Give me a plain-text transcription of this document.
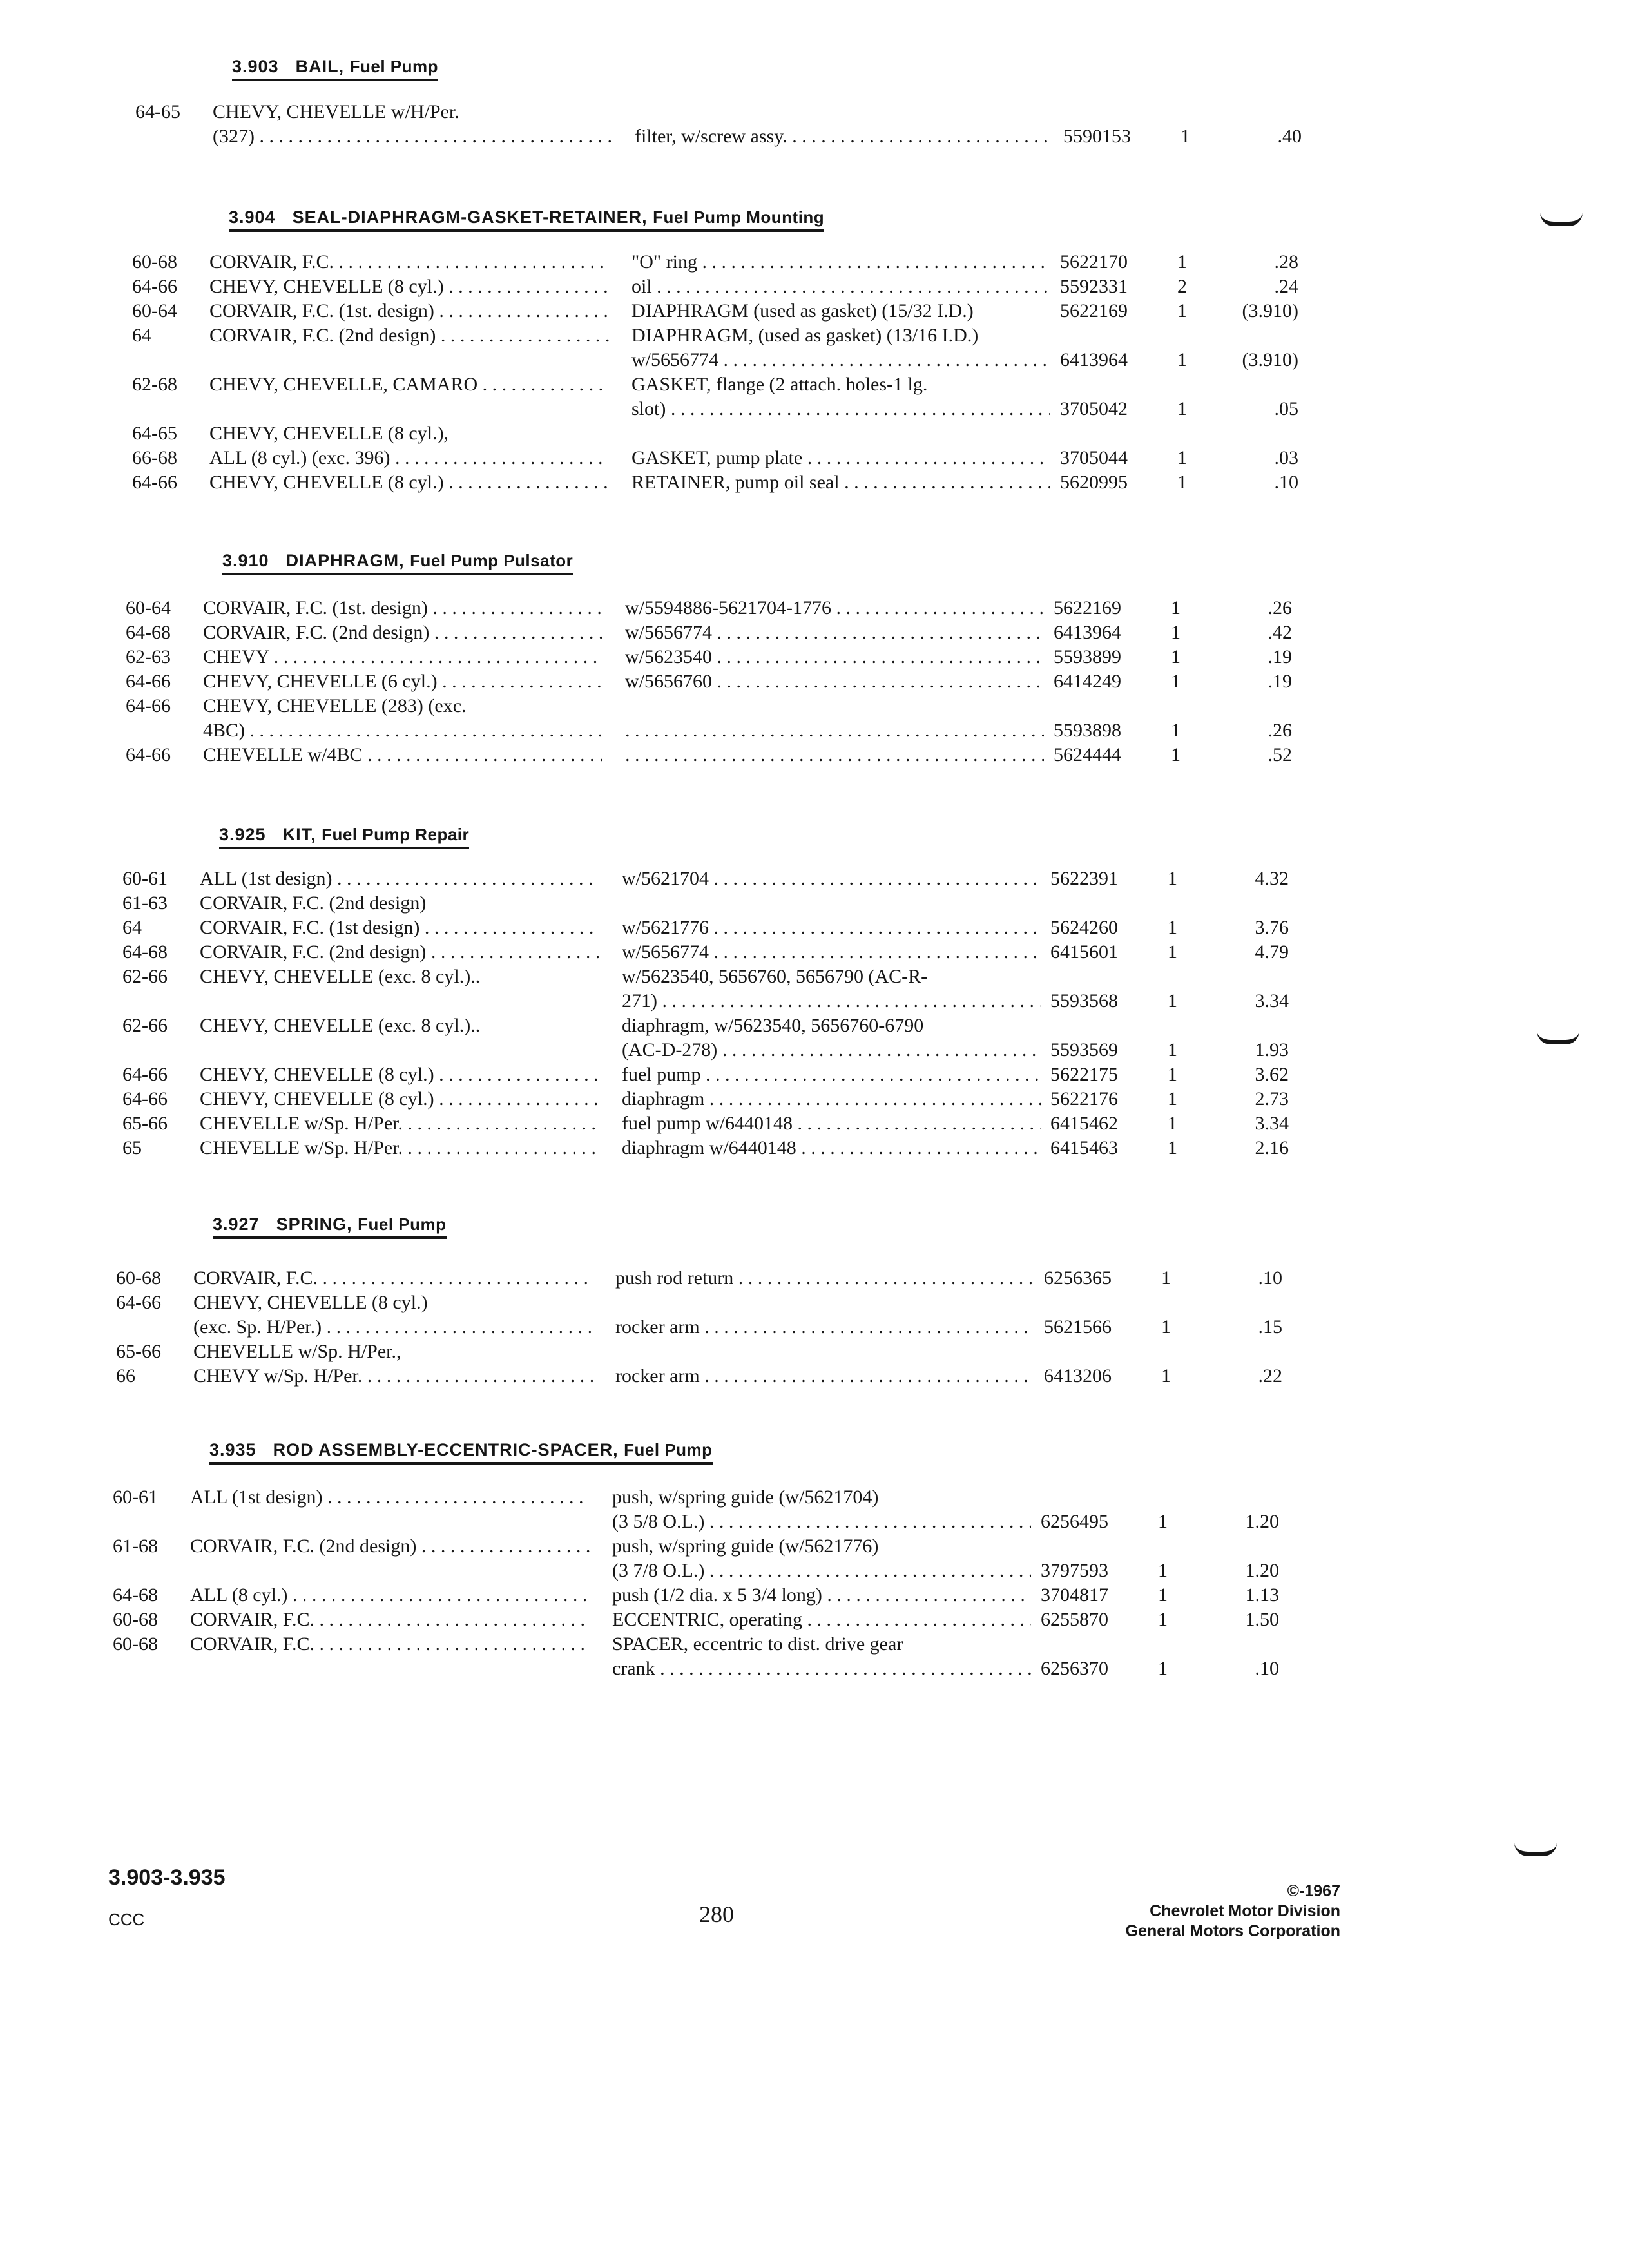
3.903 BAIL, Fuel Pump
64-65	CHEVY, CHEVELLE w/H/Per.
(327) . . .	filter, w/screw assy. . . .	5590153	1	.40
3.904 SEAL-DIAPHRAGM-GASKET-RETAINER, Fuel Pump Mounting
60-68	CORVAIR, F.C. . . .	"O" ring . . .	5622170	1	.28
64-66	CHEVY, CHEVELLE (8 cyl.) . . .	oil . . .	5592331	2	.24
60-64	CORVAIR, F.C. (1st. design) . . .	DIAPHRAGM (used as gasket) (15/32 I.D.)	5622169	1	(3.910)
64	CORVAIR, F.C. (2nd design) . . .	DIAPHRAGM, (used as gasket) (13/16 I.D.)
w/5656774 . . .	6413964	1	(3.910)
62-68	CHEVY, CHEVELLE, CAMARO . . .	GASKET, flange (2 attach. holes-1 lg.
slot) . . .	3705042	1	.05
64-65	CHEVY, CHEVELLE (8 cyl.),
66-68	ALL (8 cyl.) (exc. 396) . . .	GASKET, pump plate . . .	3705044	1	.03
64-66	CHEVY, CHEVELLE (8 cyl.) . . .	RETAINER, pump oil seal . . .	5620995	1	.10
3.910 DIAPHRAGM, Fuel Pump Pulsator
60-64	CORVAIR, F.C. (1st. design) . . .	w/5594886-5621704-1776 . . .	5622169	1	.26
64-68	CORVAIR, F.C. (2nd design) . . .	w/5656774 . . .	6413964	1	.42
62-63	CHEVY . . .	w/5623540 . . .	5593899	1	.19
64-66	CHEVY, CHEVELLE (6 cyl.) . . .	w/5656760 . . .	6414249	1	.19
64-66	CHEVY, CHEVELLE (283) (exc.
4BC) . . . . . .	5593898	1	.26
64-66	CHEVELLE w/4BC . . . . . .	5624444	1	.52
3.925 KIT, Fuel Pump Repair
60-61	ALL (1st design) . . .	w/5621704 . . .	5622391	1	4.32
61-63	CORVAIR, F.C. (2nd design)
64	CORVAIR, F.C. (1st design) . . .	w/5621776 . . .	5624260	1	3.76
64-68	CORVAIR, F.C. (2nd design) . . .	w/5656774 . . .	6415601	1	4.79
62-66	CHEVY, CHEVELLE (exc. 8 cyl.)..	w/5623540, 5656760, 5656790 (AC-R-
271) . . .	5593568	1	3.34
62-66	CHEVY, CHEVELLE (exc. 8 cyl.)..	diaphragm, w/5623540, 5656760-6790
(AC-D-278) . . .	5593569	1	1.93
64-66	CHEVY, CHEVELLE (8 cyl.) . . .	fuel pump . . .	5622175	1	3.62
64-66	CHEVY, CHEVELLE (8 cyl.) . . .	diaphragm . . .	5622176	1	2.73
65-66	CHEVELLE w/Sp. H/Per. . . .	fuel pump w/6440148 . . .	6415462	1	3.34
65	CHEVELLE w/Sp. H/Per. . . .	diaphragm w/6440148 . . .	6415463	1	2.16
3.927 SPRING, Fuel Pump
60-68	CORVAIR, F.C. . . .	push rod return . . .	6256365	1	.10
64-66	CHEVY, CHEVELLE (8 cyl.)
(exc. Sp. H/Per.) . . .	rocker arm . . .	5621566	1	.15
65-66	CHEVELLE w/Sp. H/Per.,
66	CHEVY w/Sp. H/Per. . . .	rocker arm . . .	6413206	1	.22
3.935 ROD ASSEMBLY-ECCENTRIC-SPACER, Fuel Pump
60-61	ALL (1st design) . . .	push, w/spring guide (w/5621704)
(3 5/8 O.L.) . . .	6256495	1	1.20
61-68	CORVAIR, F.C. (2nd design) . . .	push, w/spring guide (w/5621776)
(3 7/8 O.L.) . . .	3797593	1	1.20
64-68	ALL (8 cyl.) . . .	push (1/2 dia. x 5 3/4 long) . . .	3704817	1	1.13
60-68	CORVAIR, F.C. . . .	ECCENTRIC, operating . . .	6255870	1	1.50
60-68	CORVAIR, F.C. . . .	SPACER, eccentric to dist. drive gear
crank . . .	6256370	1	.10
3.903-3.935
CCC	280
©-1967
Chevrolet Motor Division
General Motors Corporation
